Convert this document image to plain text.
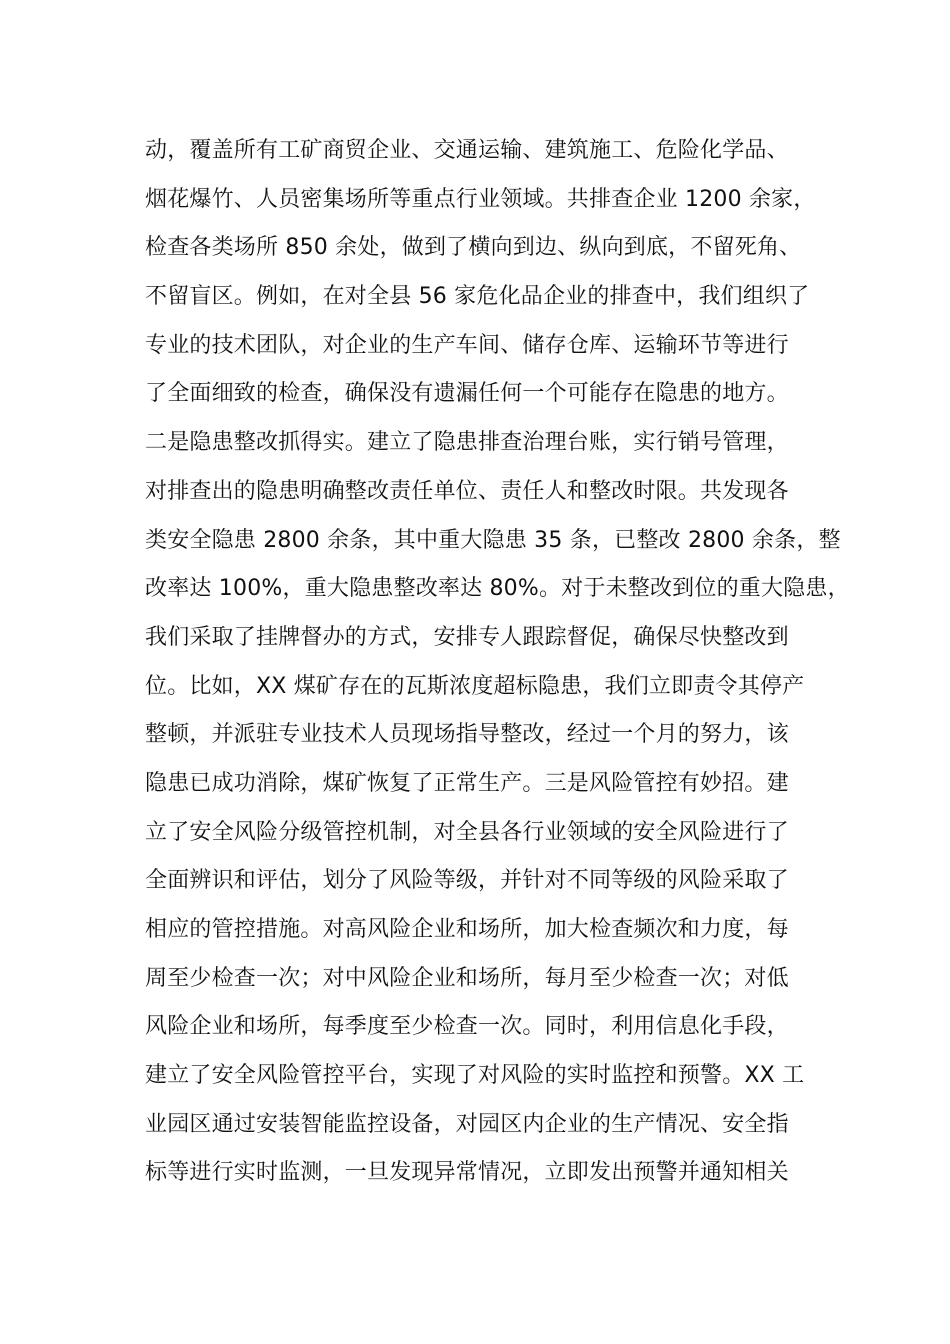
动，覆盖所有工矿商贸企业、交通运输、建筑施工、危险化学品、
烟花爆竹、人员密集场所等重点行业领域。共排查企业 1200 余家，
检查各类场所 850 余处，做到了横向到边、纵向到底，不留死角、
不留盲区。例如，在对全县 56 家危化品企业的排查中，我们组织了
专业的技术团队，对企业的生产车间、储存仓库、运输环节等进行
了全面细致的检查，确保没有遗漏任何一个可能存在隐患的地方。
二是隐患整改抓得实。建立了隐患排查治理台账，实行销号管理，
对排查出的隐患明确整改责任单位、责任人和整改时限。共发现各
类安全隐患 2800 余条，其中重大隐患 35 条，已整改 2800 余条，整
改率达 100%，重大隐患整改率达 80%。对于未整改到位的重大隐患，
我们采取了挂牌督办的方式，安排专人跟踪督促，确保尽快整改到
位。比如，XX 煤矿存在的瓦斯浓度超标隐患，我们立即责令其停产
整顿，并派驻专业技术人员现场指导整改，经过一个月的努力，该
隐患已成功消除，煤矿恢复了正常生产。三是风险管控有妙招。建
立了安全风险分级管控机制，对全县各行业领域的安全风险进行了
全面辨识和评估，划分了风险等级，并针对不同等级的风险采取了
相应的管控措施。对高风险企业和场所，加大检查频次和力度，每
周至少检查一次；对中风险企业和场所，每月至少检查一次；对低
风险企业和场所，每季度至少检查一次。同时，利用信息化手段，
建立了安全风险管控平台，实现了对风险的实时监控和预警。XX 工
业园区通过安装智能监控设备，对园区内企业的生产情况、安全指
标等进行实时监测，一旦发现异常情况，立即发出预警并通知相关
